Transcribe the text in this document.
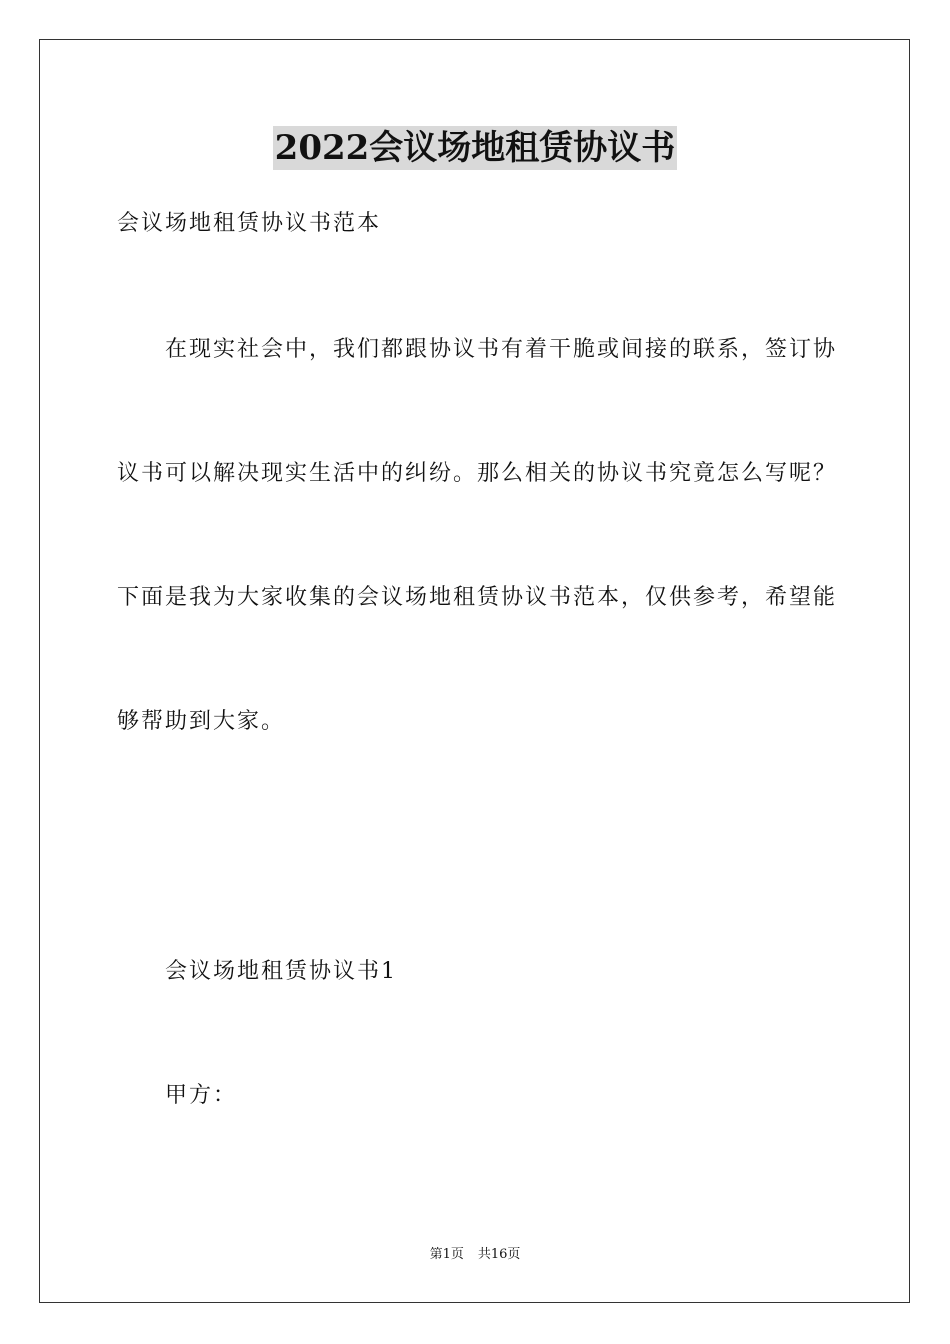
2022会议场地租赁协议书
会议场地租赁协议书范本
在现实社会中，我们都跟协议书有着干脆或间接的联系，签订协
议书可以解决现实生活中的纠纷。那么相关的协议书究竟怎么写呢？
下面是我为大家收集的会议场地租赁协议书范本，仅供参考，希望能
够帮助到大家。
会议场地租赁协议书1
甲方：
第1页 共16页
